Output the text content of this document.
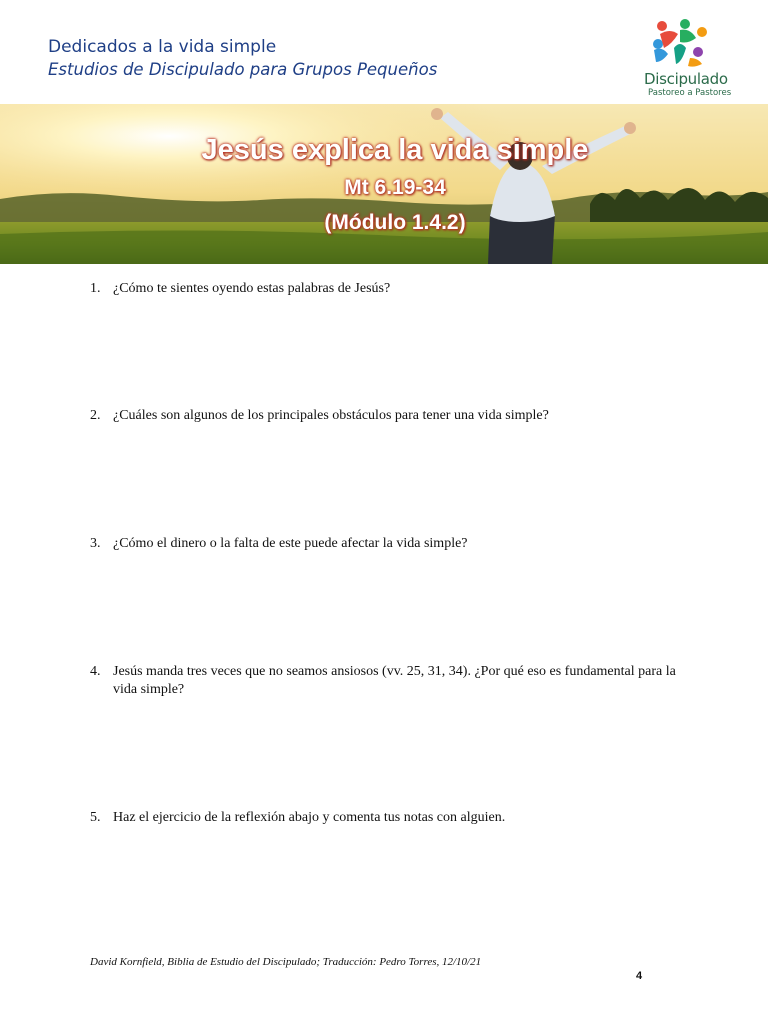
Dedicados a la vida simple
Estudios de Discipulado para Grupos Pequeños	Discipulado
Pastoreo a Pastores
Jesús explica la vida simple
Mt 6.19-34
(Módulo 1.4.2)
1. ¿Cómo te sientes oyendo estas palabras de Jesús?
2. ¿Cuáles son algunos de los principales obstáculos para tener una vida simple?
3. ¿Cómo el dinero o la falta de este puede afectar la vida simple?
4. Jesús manda tres veces que no seamos ansiosos (vv. 25, 31, 34). ¿Por qué eso es fundamental para la vida simple?
5. Haz el ejercicio de la reflexión abajo y comenta tus notas con alguien.
David Kornfield, Biblia de Estudio del Discipulado; Traducción: Pedro Torres, 12/10/21
4
